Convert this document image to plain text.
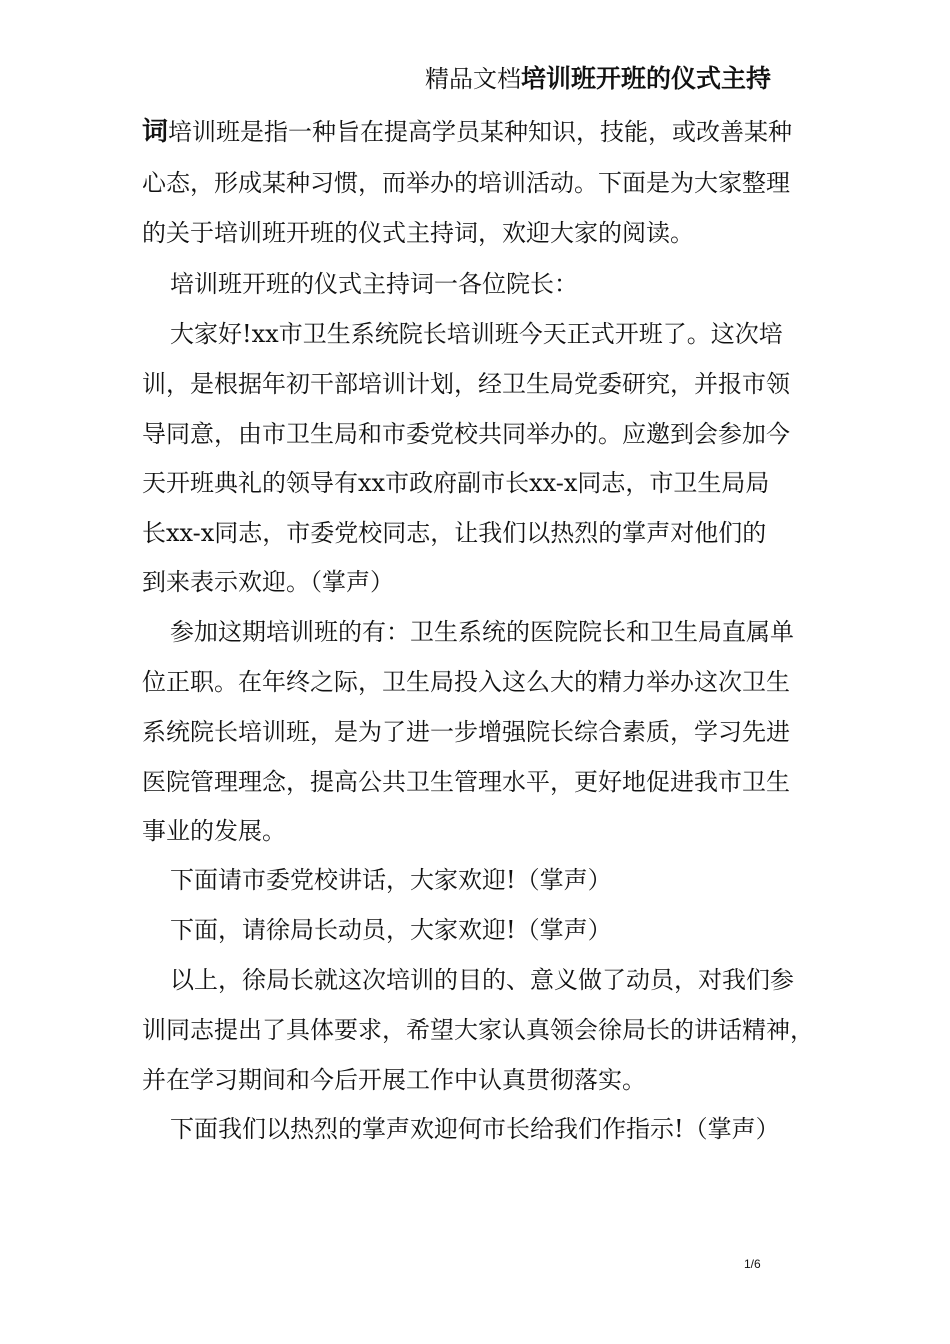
精品文档培训班开班的仪式主持
词培训班是指一种旨在提高学员某种知识，技能，或改善某种
心态，形成某种习惯，而举办的培训活动。下面是为大家整理
的关于培训班开班的仪式主持词，欢迎大家的阅读。
培训班开班的仪式主持词一各位院长：
大家好!xx市卫生系统院长培训班今天正式开班了。这次培
训，是根据年初干部培训计划，经卫生局党委研究，并报市领
导同意，由市卫生局和市委党校共同举办的。应邀到会参加今
天开班典礼的领导有xx市政府副市长xx-x同志，市卫生局局
长xx-x同志，市委党校同志，让我们以热烈的掌声对他们的
到来表示欢迎。（掌声）
参加这期培训班的有：卫生系统的医院院长和卫生局直属单
位正职。在年终之际，卫生局投入这么大的精力举办这次卫生
系统院长培训班，是为了进一步增强院长综合素质，学习先进
医院管理理念，提高公共卫生管理水平，更好地促进我市卫生
事业的发展。
下面请市委党校讲话，大家欢迎!（掌声）
下面，请徐局长动员，大家欢迎!（掌声）
以上，徐局长就这次培训的目的、意义做了动员，对我们参
训同志提出了具体要求，希望大家认真领会徐局长的讲话精神，
并在学习期间和今后开展工作中认真贯彻落实。
下面我们以热烈的掌声欢迎何市长给我们作指示!（掌声）
1/6
